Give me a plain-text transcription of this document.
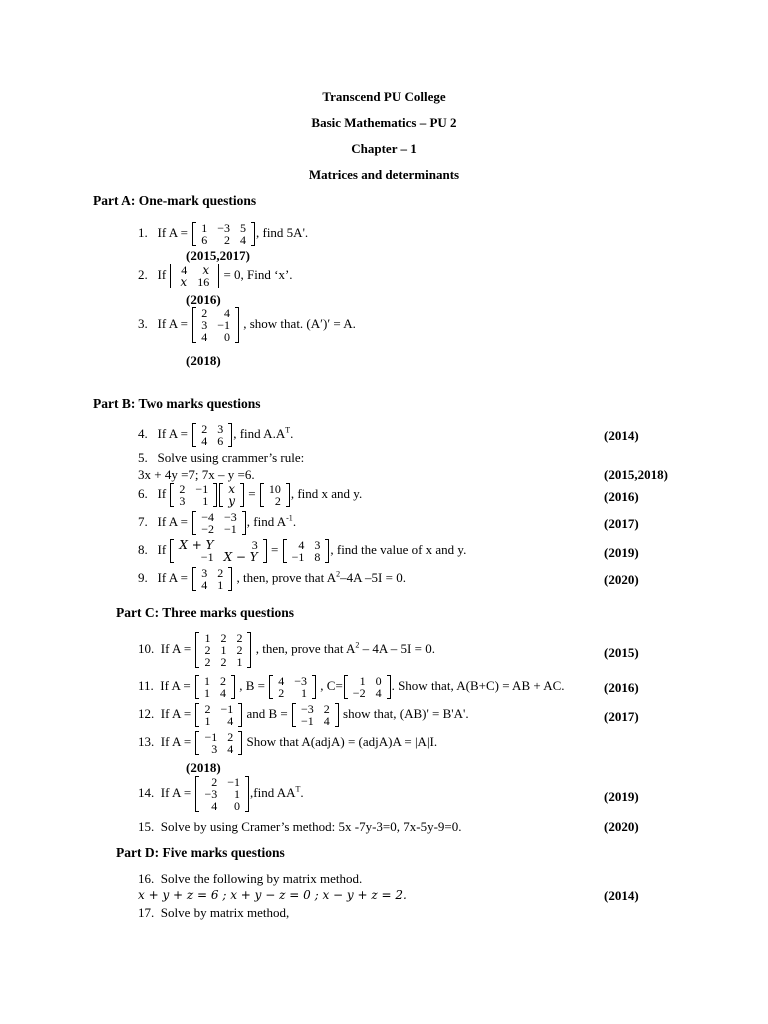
Transcend PU College
Basic Mathematics – PU 2
Chapter – 1
Matrices and determinants
Part A: One-mark questions
1. If A = 1	−3	5
6	2	4
, find 5A'.
(2015,2017)
2. If 4	x
x	16
= 0, Find ‘x’.
(2016)
3. If A =
2	4
3	−1
4	0
, show that. (A′)′ = A.
(2018)
Part B: Two marks questions
4. If A = 2	3
4	6
, find $A.A^T$.	(2014)
5. Solve using crammer’s rule:
3x + 4y =7; 7x – y =6.	(2015,2018)
6. If 2	−1
3	1
x
y
= 10
2
, find x and y.	(2016)
7. If A = −4	−3
−2	−1
, find $A^{-1}$.	(2017)
8. If X + Y	3
−1	X − Y
= 4	3
−1	8
, find the value of x and y.	(2019)
9. If A = 3	2
4	1
, then, prove that $A^2-4A$ –5I = 0.	(2020)
Part C: Three marks questions
10. If A =
1	2	2
2	1	2
2	2	1
, then, prove that $A^2 - 4A - 5I = 0$.	(2015)
11. If A = 1	2
1	4
, B = 4	−3
2	1
, C= 1	0
−2	4
. Show that, A(B+C) = AB + AC.	(2016)
12. If A = 2	−1
1	4
and B = −3	2
−1	4
show that, (AB)' = B'A'.	(2017)
13. If A = −1	2
3	4
Show that A(adjA) = (adjA)A = |A|I.
(2018)
14. If A =
2	−1
−3	1
4	0
,find $AA^T$.	(2019)
15. Solve by using Cramer’s method: 5x -7y-3=0, 7x-5y-9=0.	(2020)
Part D: Five marks questions
16. Solve the following by matrix method.
x + y + z = 6 ; x + y − z = 0 ; x − y + z = 2.	(2014)
17. Solve by matrix method,
